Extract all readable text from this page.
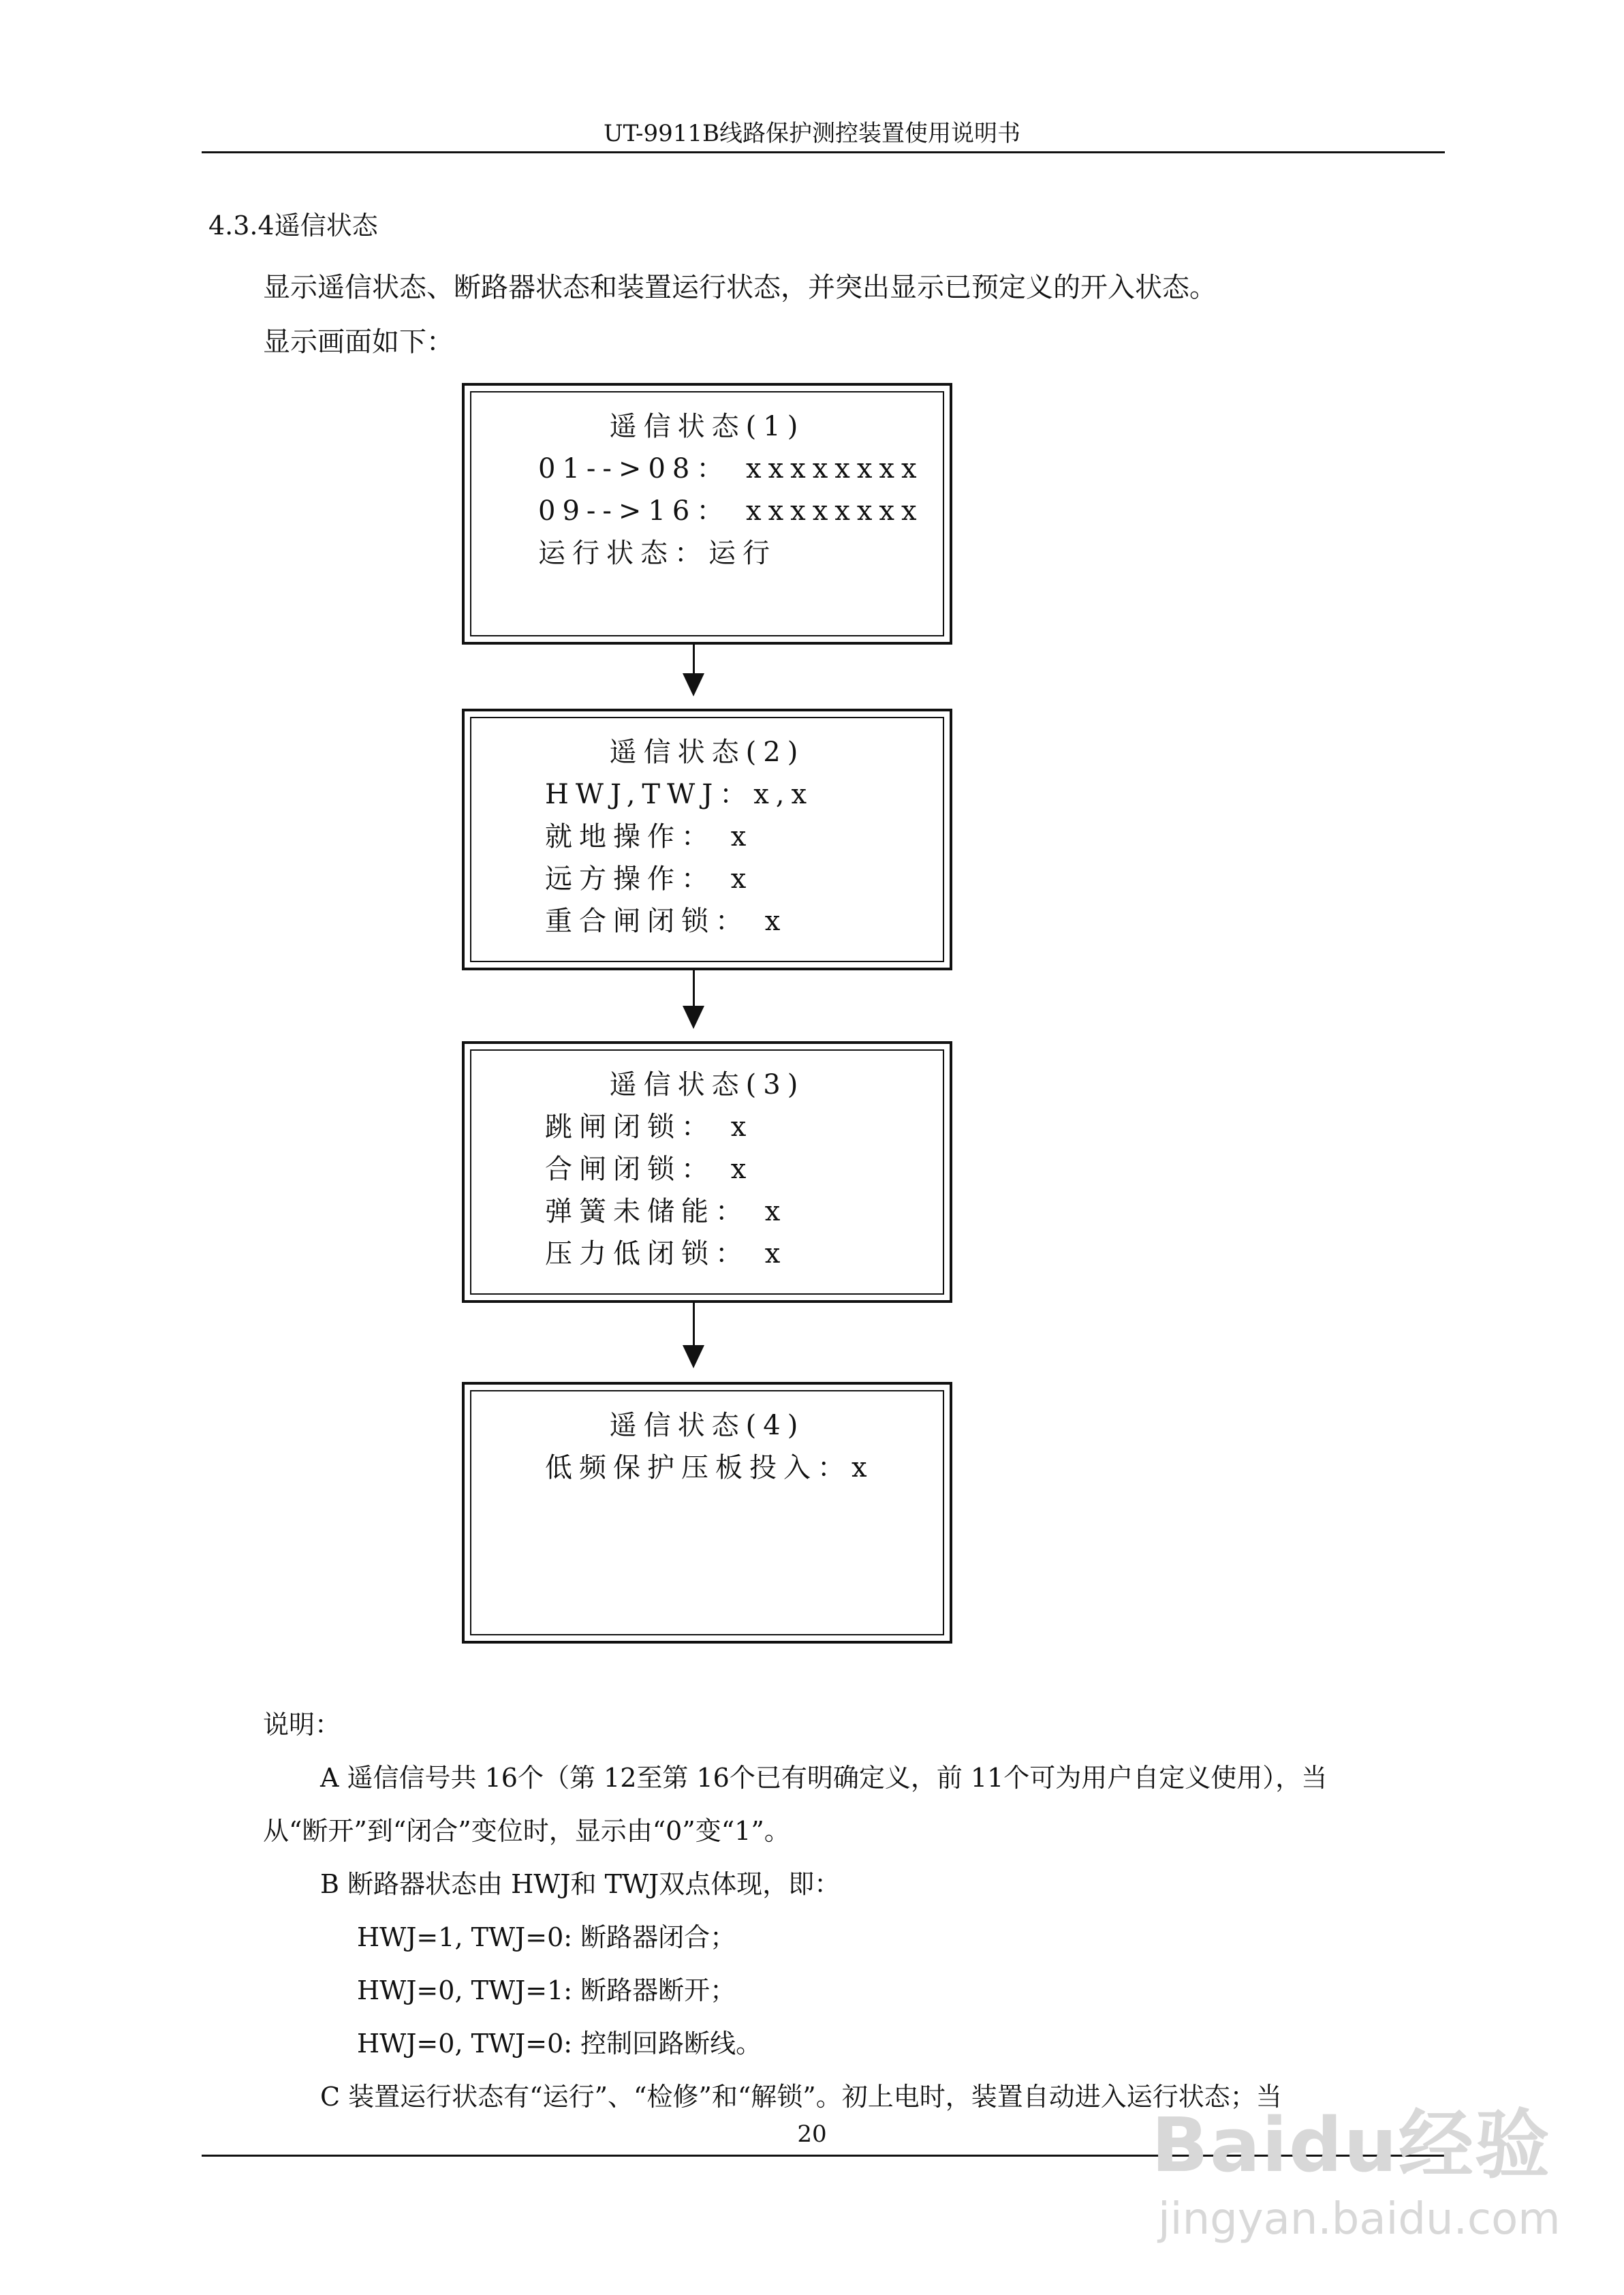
UT-9911B线路保护测控装置使用说明书
4.3.4遥信状态
显示遥信状态、断路器状态和装置运行状态，并突出显示已预定义的开入状态。
显示画面如下：
遥信状态(1)
01-->08： xxxxxxxx
09-->16： xxxxxxxx
运行状态：运行
遥信状态(2)
HWJ,TWJ：x,x
就地操作： x
远方操作： x
重合闸闭锁： x
遥信状态(3)
跳闸闭锁： x
合闸闭锁： x
弹簧未储能： x
压力低闭锁： x
遥信状态(4)
低频保护压板投入：x
说明：
A 遥信信号共 16个（第 12至第 16个已有明确定义，前 11个可为用户自定义使用），当
从“断开”到“闭合”变位时，显示由“0”变“1”。
B 断路器状态由 HWJ和 TWJ双点体现，即：
HWJ=1, TWJ=0: 断路器闭合；
HWJ=0, TWJ=1: 断路器断开；
HWJ=0, TWJ=0: 控制回路断线。
C 装置运行状态有“运行”、“检修”和“解锁”。初上电时，装置自动进入运行状态；当
20	Baidu经验
jingyan.baidu.com
